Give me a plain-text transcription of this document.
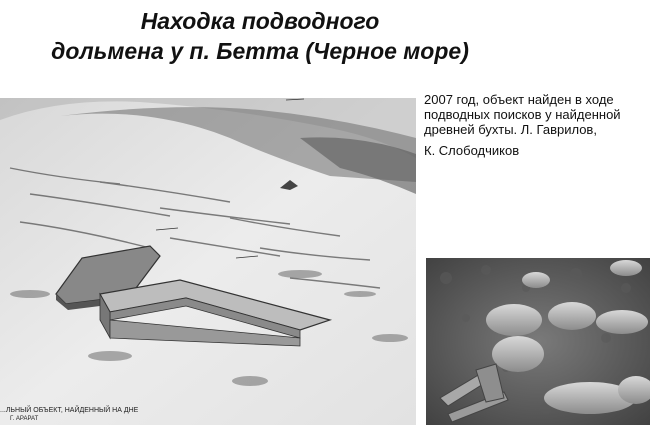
Находка подводного
дольмена у п. Бетта (Черное море)

2007 год, объект найден в ходе подводных поисков у найденной древней бухты. Л. Гаврилов,

К. Слободчиков

...ЛЬНЫЙ ОБЪЕКТ, НАЙДЕННЫЙ НА ДНЕ
Г. АРАРАТ
